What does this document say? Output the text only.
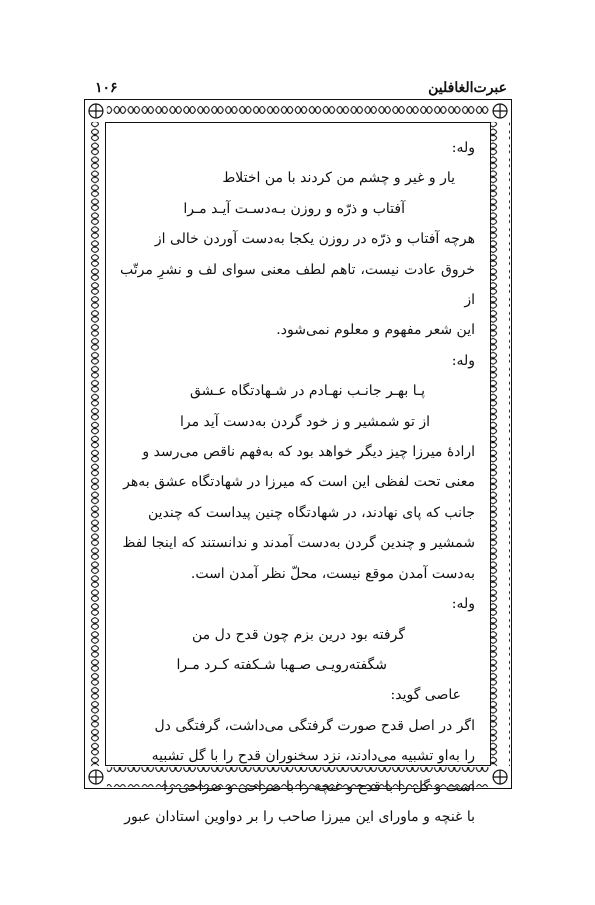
۱۰۶	عبرت‌الغافلین
وله:
یار و غیر و چشم من کردند با من اختلاط
آفتاب و ذرّه و روزن بـه‌دسـت آیـد مـرا
هرچه آفتاب و ذرّه در روزن یکجا به‌دست آوردن خالی از
خروق عادت نیست، تاهم لطف معنی سوای لف و نشرِ مرتّب از
این شعر مفهوم و معلوم نمی‌شود.
وله:
پـا بهـر جانـب نهـادم در شـهادتگاه عـشق
از تو شمشیر و ز خود گردن به‌دست آید مرا
ارادهٔ میرزا چیز دیگر خواهد بود که به‌فهم ناقص می‌رسد و
معنی تحت لفظی این است که میرزا در شهادتگاه عشق به‌هر
جانب که پای نهادند، در شهادتگاه چنین پیداست که چندین
شمشیر و چندین گردن به‌دست آمدند و ندانستند که اینجا لفظ
به‌دست آمدن موقع نیست، محلّ نظر آمدن است.
وله:
گرفته بود درین بزم چون قدح دل من
شگفته‌رویـی صـهبا شـکفته کـرد مـرا
عاصی گوید:
اگر در اصل قدح صورت گرفتگی می‌داشت، گرفتگی دل
را به‌او تشبیه می‌دادند، نزد سخنوران قدح را با گل تشبیه
است و گل را با قدح و غنچه را با صراحی و صراحی را
با غنچه و ماورای این میرزا صاحب را بر دواوین استادان عبور
